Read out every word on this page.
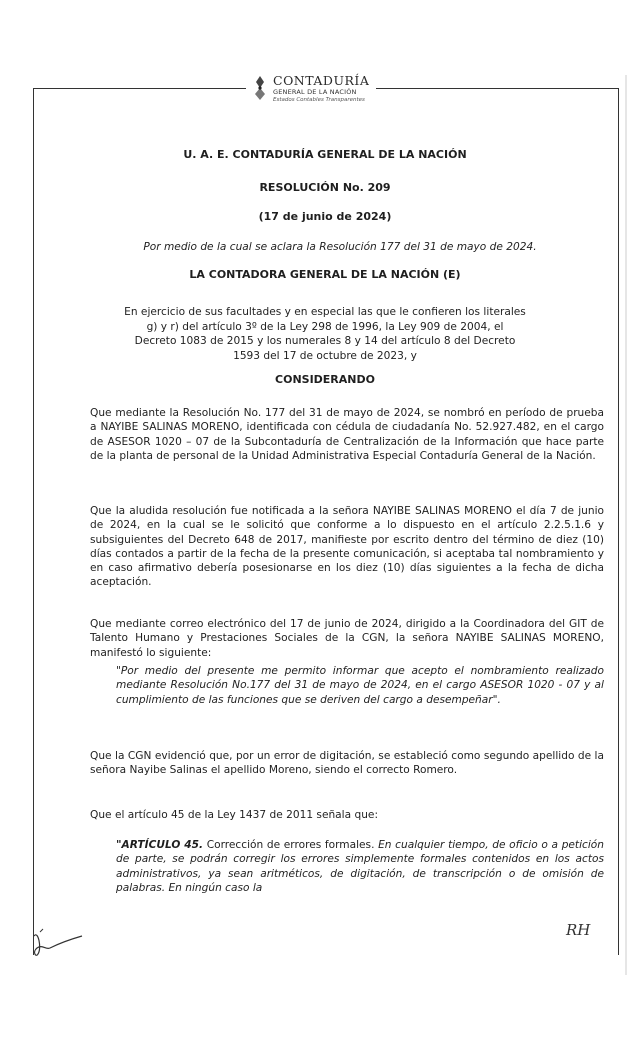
CONTADURÍA
GENERAL DE LA NACIÓN
Estados Contables Transparentes
U. A. E. CONTADURÍA GENERAL DE LA NACIÓN
RESOLUCIÓN No. 209
(17 de junio de 2024)
Por medio de la cual se aclara la Resolución 177 del 31 de mayo de 2024.
LA CONTADORA GENERAL DE LA NACIÓN (E)
En ejercicio de sus facultades y en especial las que le confieren los literales
g) y r) del artículo 3º de la Ley 298 de 1996, la Ley 909 de 2004, el
Decreto 1083 de 2015 y los numerales 8 y 14 del artículo 8 del Decreto
1593 del 17 de octubre de 2023, y
CONSIDERANDO
Que mediante la Resolución No. 177 del 31 de mayo de 2024, se nombró en período de prueba a NAYIBE SALINAS MORENO, identificada con cédula de ciudadanía No. 52.927.482, en el cargo de ASESOR 1020 – 07 de la Subcontaduría de Centralización de la Información que hace parte de la planta de personal de la Unidad Administrativa Especial Contaduría General de la Nación.
Que la aludida resolución fue notificada a la señora NAYIBE SALINAS MORENO el día 7 de junio de 2024, en la cual se le solicitó que conforme a lo dispuesto en el artículo 2.2.5.1.6 y subsiguientes del Decreto 648 de 2017, manifieste por escrito dentro del término de diez (10) días contados a partir de la fecha de la presente comunicación, si aceptaba tal nombramiento y en caso afirmativo debería posesionarse en los diez (10) días siguientes a la fecha de dicha aceptación.
Que mediante correo electrónico del 17 de junio de 2024, dirigido a la Coordinadora del GIT de Talento Humano y Prestaciones Sociales de la CGN, la señora NAYIBE SALINAS MORENO, manifestó lo siguiente:
"Por medio del presente me permito informar que acepto el nombramiento realizado mediante Resolución No.177 del 31 de mayo de 2024, en el cargo ASESOR 1020 - 07 y al cumplimiento de las funciones que se deriven del cargo a desempeñar".
Que la CGN evidenció que, por un error de digitación, se estableció como segundo apellido de la señora Nayibe Salinas el apellido Moreno, siendo el correcto Romero.
Que el artículo 45 de la Ley 1437 de 2011 señala que:
"ARTÍCULO 45. Corrección de errores formales. En cualquier tiempo, de oficio o a petición de parte, se podrán corregir los errores simplemente formales contenidos en los actos administrativos, ya sean aritméticos, de digitación, de transcripción o de omisión de palabras. En ningún caso la
RH
